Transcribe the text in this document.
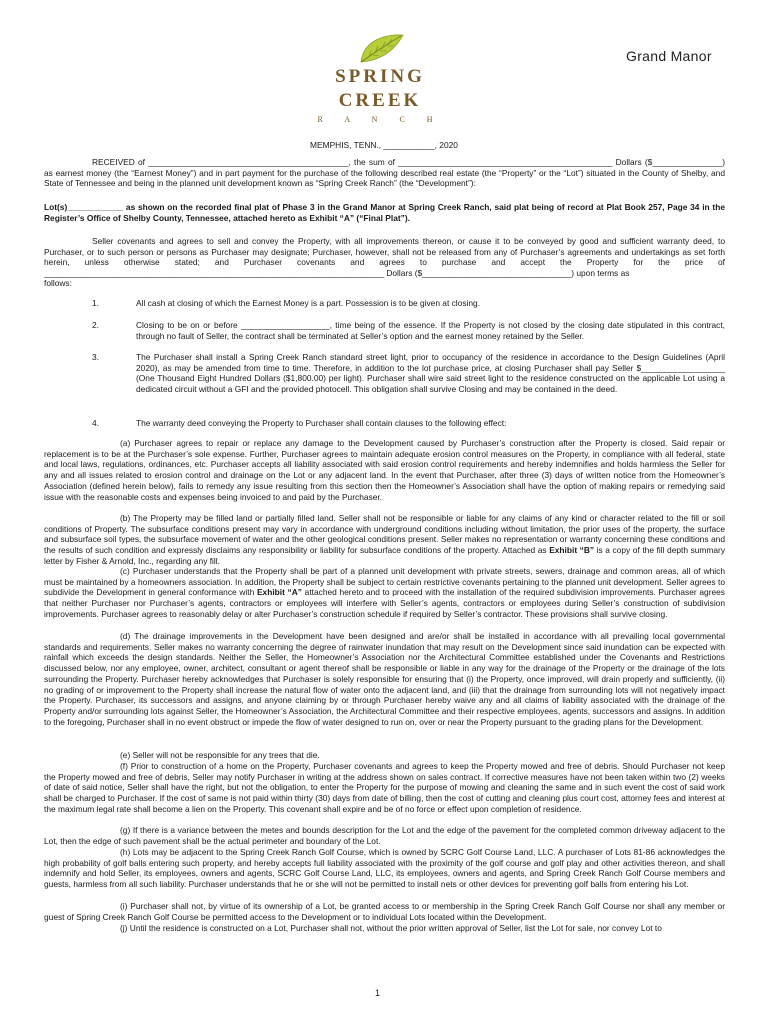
SPRING
CREEK
R A N C H
Grand Manor
MEMPHIS, TENN., ___________, 2020
RECEIVED of ___________________________________________, the sum of ______________________________________________ Dollars ($_______________) as earnest money (the “Earnest Money”) and in part payment for the purchase of the following described real estate (the “Property” or the “Lot”) situated in the County of Shelby, and State of Tennessee and being in the planned unit development known as “Spring Creek Ranch” (the “Development”):
Lot(s)____________ as shown on the recorded final plat of Phase 3 in the Grand Manor at Spring Creek Ranch, said plat being of record at Plat Book 257, Page 34 in the Register’s Office of Shelby County, Tennessee, attached hereto as Exhibit “A” (“Final Plat”).
Seller covenants and agrees to sell and convey the Property, with all improvements thereon, or cause it to be conveyed by good and sufficient warranty deed, to Purchaser, or to such person or persons as Purchaser may designate; Purchaser, however, shall not be released from any of Purchaser’s agreements and undertakings as set forth herein, unless otherwise stated; and Purchaser covenants and agrees to purchase and accept the Property for the price of _________________________________________________________________________ Dollars ($________________________________) upon terms as
follows:
1.	All cash at closing of which the Earnest Money is a part. Possession is to be given at closing.
2.	Closing to be on or before ___________________, time being of the essence. If the Property is not closed by the closing date stipulated in this contract, through no fault of Seller, the contract shall be terminated at Seller’s option and the earnest money retained by the Seller.
3.	The Purchaser shall install a Spring Creek Ranch standard street light, prior to occupancy of the residence in accordance to the Design Guidelines (April 2020), as may be amended from time to time. Therefore, in addition to the lot purchase price, at closing Purchaser shall pay Seller $__________________ (One Thousand Eight Hundred Dollars ($1,800.00) per light). Purchaser shall wire said street light to the residence constructed on the applicable Lot using a dedicated circuit without a GFI and the provided photocell. This obligation shall survive Closing and may be contained in the deed.
4.	The warranty deed conveying the Property to Purchaser shall contain clauses to the following effect:
(a) Purchaser agrees to repair or replace any damage to the Development caused by Purchaser’s construction after the Property is closed. Said repair or replacement is to be at the Purchaser’s sole expense. Further, Purchaser agrees to maintain adequate erosion control measures on the Property, in compliance with all federal, state and local laws, regulations, ordinances, etc. Purchaser accepts all liability associated with said erosion control requirements and hereby indemnifies and holds harmless the Seller for any and all issues related to erosion control and drainage on the Lot or any adjacent land. In the event that Purchaser, after three (3) days of written notice from the Homeowner’s Association (defined herein below), fails to remedy any issue resulting from this section then the Homeowner’s Association shall have the option of making repairs or remedying said issue with the reasonable costs and expenses being invoiced to and paid by the Purchaser.
(b) The Property may be filled land or partially filled land. Seller shall not be responsible or liable for any claims of any kind or character related to the fill or soil conditions of Property. The subsurface conditions present may vary in accordance with underground conditions including without limitation, the prior uses of the property, the surface and subsurface soil types, the subsurface movement of water and the other geological conditions present. Seller makes no representation or warranty concerning these conditions and the results of such condition and expressly disclaims any responsibility or liability for subsurface conditions of the property. Attached as Exhibit “B” is a copy of the fill depth summary letter by Fisher & Arnold, Inc., regarding any fill.
(c) Purchaser understands that the Property shall be part of a planned unit development with private streets, sewers, drainage and common areas, all of which must be maintained by a homeowners association. In addition, the Property shall be subject to certain restrictive covenants pertaining to the planned unit development. Seller agrees to subdivide the Development in general conformance with Exhibit “A” attached hereto and to proceed with the installation of the required subdivision improvements. Purchaser agrees that neither Purchaser nor Purchaser’s agents, contractors or employees will interfere with Seller’s agents, contractors or employees during Seller’s construction of subdivision improvements. Purchaser agrees to reasonably delay or alter Purchaser’s construction schedule if required by Seller’s contractor. These provisions shall survive closing.
(d) The drainage improvements in the Development have been designed and are/or shall be installed in accordance with all prevailing local governmental standards and requirements. Seller makes no warranty concerning the degree of rainwater inundation that may result on the Development since said inundation can be expected with rainfall which exceeds the design standards. Neither the Seller, the Homeowner’s Association nor the Architectural Committee established under the Covenants and Restrictions discussed below, nor any employee, owner, architect, consultant or agent thereof shall be responsible or liable in any way for the drainage of the Property or the drainage of the lots surrounding the Property. Purchaser hereby acknowledges that Purchaser is solely responsible for ensuring that (i) the Property, once improved, will drain properly and sufficiently, (ii) no grading of or improvement to the Property shall increase the natural flow of water onto the adjacent land, and (iii) that the drainage from surrounding lots will not negatively impact the Property. Purchaser, its successors and assigns, and anyone claiming by or through Purchaser hereby waive any and all claims of liability associated with the drainage of the Property and/or surrounding lots against Seller, the Homeowner’s Association, the Architectural Committee and their respective employees, agents, successors and assigns. In addition to the foregoing, Purchaser shall in no event obstruct or impede the flow of water designed to run on, over or near the Property pursuant to the grading plans for the Development.
(e) Seller will not be responsible for any trees that die.
(f) Prior to construction of a home on the Property, Purchaser covenants and agrees to keep the Property mowed and free of debris. Should Purchaser not keep the Property mowed and free of debris, Seller may notify Purchaser in writing at the address shown on sales contract. If corrective measures have not been taken within two (2) weeks of date of said notice, Seller shall have the right, but not the obligation, to enter the Property for the purpose of mowing and cleaning the same and in such event the cost of said work shall be charged to Purchaser. If the cost of same is not paid within thirty (30) days from date of billing, then the cost of cutting and cleaning plus court cost, attorney fees and interest at the maximum legal rate shall become a lien on the Property. This covenant shall expire and be of no force or effect upon completion of residence.
(g) If there is a variance between the metes and bounds description for the Lot and the edge of the pavement for the completed common driveway adjacent to the Lot, then the edge of such pavement shall be the actual perimeter and boundary of the Lot.
(h) Lots may be adjacent to the Spring Creek Ranch Golf Course, which is owned by SCRC Golf Course Land, LLC. A purchaser of Lots 81-86 acknowledges the high probability of golf balls entering such property, and hereby accepts full liability associated with the proximity of the golf course and golf play and other activities thereon, and shall indemnify and hold Seller, its employees, owners and agents, SCRC Golf Course Land, LLC, its employees, owners and agents, and Spring Creek Ranch Golf Course members and guests, harmless from all such liability. Purchaser understands that he or she will not be permitted to install nets or other devices for preventing golf balls from entering his Lot.
(i) Purchaser shall not, by virtue of its ownership of a Lot, be granted access to or membership in the Spring Creek Ranch Golf Course nor shall any member or guest of Spring Creek Ranch Golf Course be permitted access to the Development or to individual Lots located within the Development.
(j) Until the residence is constructed on a Lot, Purchaser shall not, without the prior written approval of Seller, list the Lot for sale, nor convey Lot to
1
